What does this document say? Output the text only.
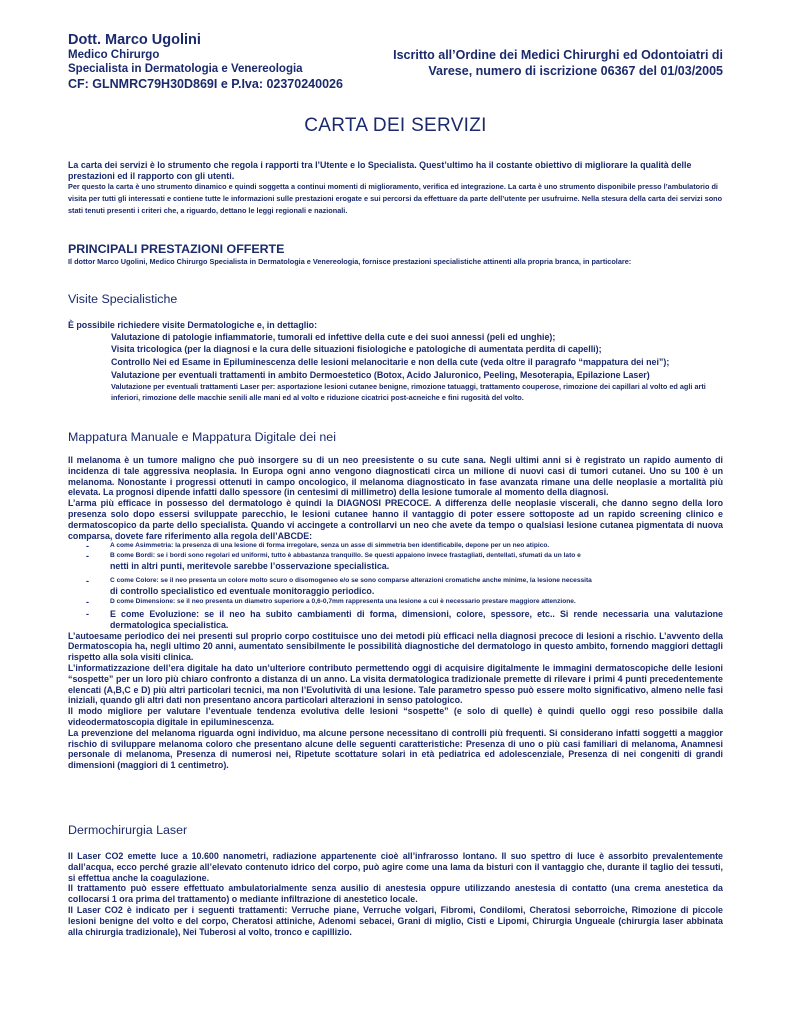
Dott. Marco Ugolini
Medico Chirurgo
Specialista in Dermatologia e Venereologia
CF: GLNMRC79H30D869I e P.Iva: 02370240026
Iscritto all’Ordine dei Medici Chirurghi ed Odontoiatri di
Varese, numero di iscrizione 06367 del 01/03/2005
CARTA DEI SERVIZI
La carta dei servizi è lo strumento che regola i rapporti tra l’Utente e lo Specialista. Quest’ultimo ha il costante obiettivo di migliorare la qualità delle prestazioni ed il rapporto con gli utenti.
Per questo la carta è uno strumento dinamico e quindi soggetta a continui momenti di miglioramento, verifica ed integrazione. La carta è uno strumento disponibile presso l’ambulatorio di visita per tutti gli interessati e contiene tutte le informazioni sulle prestazioni erogate e sui percorsi da effettuare da parte dell’utente per usufruirne. Nella stesura della carta dei servizi sono stati tenuti presenti i criteri che, a riguardo, dettano le leggi regionali e nazionali.
PRINCIPALI PRESTAZIONI OFFERTE
Il dottor Marco Ugolini, Medico Chirurgo Specialista in Dermatologia e Venereologia, fornisce prestazioni specialistiche attinenti alla propria branca, in particolare:
Visite Specialistiche
È possibile richiedere visite Dermatologiche e, in dettaglio:
Valutazione di patologie infiammatorie, tumorali ed infettive della cute e dei suoi annessi (peli ed unghie);
Visita tricologica (per la diagnosi e la cura delle situazioni fisiologiche e patologiche di aumentata perdita di capelli);
Controllo Nei ed Esame in Epiluminescenza delle lesioni melanocitarie e non della cute (veda oltre il paragrafo “mappatura dei nei”);
Valutazione per eventuali trattamenti in ambito Dermoestetico (Botox, Acido Jaluronico, Peeling, Mesoterapia, Epilazione Laser)
Valutazione per eventuali trattamenti Laser per: asportazione lesioni cutanee benigne, rimozione tatuaggi, trattamento couperose, rimozione dei capillari al volto ed agli arti inferiori, rimozione delle macchie senili alle mani ed al volto e riduzione cicatrici post-acneiche e fini rugosità del volto.
Mappatura Manuale e Mappatura Digitale dei nei

Il melanoma è un tumore maligno che può insorgere su di un neo preesistente o su cute sana. Negli ultimi anni si è registrato un rapido aumento di incidenza di tale aggressiva neoplasia. In Europa ogni anno vengono diagnosticati circa un milione di nuovi casi di tumori cutanei. Uno su 100 è un melanoma. Nonostante i progressi ottenuti in campo oncologico, il melanoma diagnosticato in fase avanzata rimane una delle neoplasie a mortalità più elevata. La prognosi dipende infatti dallo spessore (in centesimi di millimetro) della lesione tumorale al momento della diagnosi.

L’arma più efficace in possesso del dermatologo è quindi la DIAGNOSI PRECOCE. A differenza delle neoplasie viscerali, che danno segno della loro presenza solo dopo essersi sviluppate parecchio, le lesioni cutanee hanno il vantaggio di poter essere sottoposte ad un rapido screening clinico e dermatoscopico da parte dello specialista. Quando vi accingete a controllarvi un neo che avete da tempo o qualsiasi lesione cutanea pigmentata di nuova comparsa, dovete fare riferimento alla regola dell’ABCDE:

-	A come Asimmetria: la presenza di una lesione di forma irregolare, senza un asse di simmetria ben identificabile, depone per un neo atipico.
-	B come Bordi: se i bordi sono regolari ed uniformi, tutto è abbastanza tranquillo. Se questi appaiono invece frastagliati, dentellati, sfumati da un lato e
netti in altri punti, meritevole sarebbe l’osservazione specialistica.
-	C come Colore: se il neo presenta un colore molto scuro o disomogeneo e/o se sono comparse alterazioni cromatiche anche minime, la lesione necessita
di controllo specialistico ed eventuale monitoraggio periodico.
-	D come Dimensione: se il neo presenta un diametro superiore a 0,6-0,7mm rappresenta una lesione a cui è necessario prestare maggiore attenzione.
- E come Evoluzione: se il neo ha subito cambiamenti di forma, dimensioni, colore, spessore, etc.. Si rende necessaria una valutazione dermatologica specialistica.

L’autoesame periodico dei nei presenti sul proprio corpo costituisce uno dei metodi più efficaci nella diagnosi precoce di lesioni a rischio. L’avvento della Dermatoscopia ha, negli ultimo 20 anni, aumentato sensibilmente le possibilità diagnostiche del dermatologo in questo ambito, fornendo maggiori dettagli rispetto alla sola visiti clinica.

L’informatizzazione dell’era digitale ha dato un’ulteriore contributo permettendo oggi di acquisire digitalmente le immagini dermatoscopiche delle lesioni “sospette” per un loro più chiaro confronto a distanza di un anno. La visita dermatologica tradizionale premette di rilevare i primi 4 punti precedentemente elencati (A,B,C e D) più altri particolari tecnici, ma non l’Evolutività di una lesione. Tale parametro spesso può essere molto significativo, almeno nelle fasi iniziali, quando gli altri dati non presentano ancora particolari alterazioni in senso patologico.

Il modo migliore per valutare l’eventuale tendenza evolutiva delle lesioni “sospette” (e solo di quelle) è quindi quello oggi reso possibile dalla videodermatoscopia digitale in epiluminescenza.

La prevenzione del melanoma riguarda ogni individuo, ma alcune persone necessitano di controlli più frequenti. Si considerano infatti soggetti a maggior rischio di sviluppare melanoma coloro che presentano alcune delle seguenti caratteristiche: Presenza di uno o più casi familiari di melanoma, Anamnesi personale di melanoma, Presenza di numerosi nei, Ripetute scottature solari in età pediatrica ed adolescenziale, Presenza di nei congeniti di grandi dimensioni (maggiori di 1 centimetro).

Dermochirurgia Laser

Il Laser CO2 emette luce a 10.600 nanometri, radiazione appartenente cioè all’infrarosso lontano. Il suo spettro di luce è assorbito prevalentemente dall’acqua, ecco perché grazie all’elevato contenuto idrico del corpo, può agire come una lama da bisturi con il vantaggio che, durante il taglio dei tessuti, si effettua anche la coagulazione.

Il trattamento può essere effettuato ambulatorialmente senza ausilio di anestesia oppure utilizzando anestesia di contatto (una crema anestetica da collocarsi 1 ora prima del trattamento) o mediante infiltrazione di anestetico locale.

Il Laser CO2 è indicato per i seguenti trattamenti: Verruche piane, Verruche volgari, Fibromi, Condilomi, Cheratosi seborroiche, Rimozione di piccole lesioni benigne del volto e del corpo, Cheratosi attiniche, Adenomi sebacei, Grani di miglio, Cisti e Lipomi, Chirurgia Ungueale (chirurgia laser abbinata alla chirurgia tradizionale), Nei Tuberosi al volto, tronco e capillizio.
